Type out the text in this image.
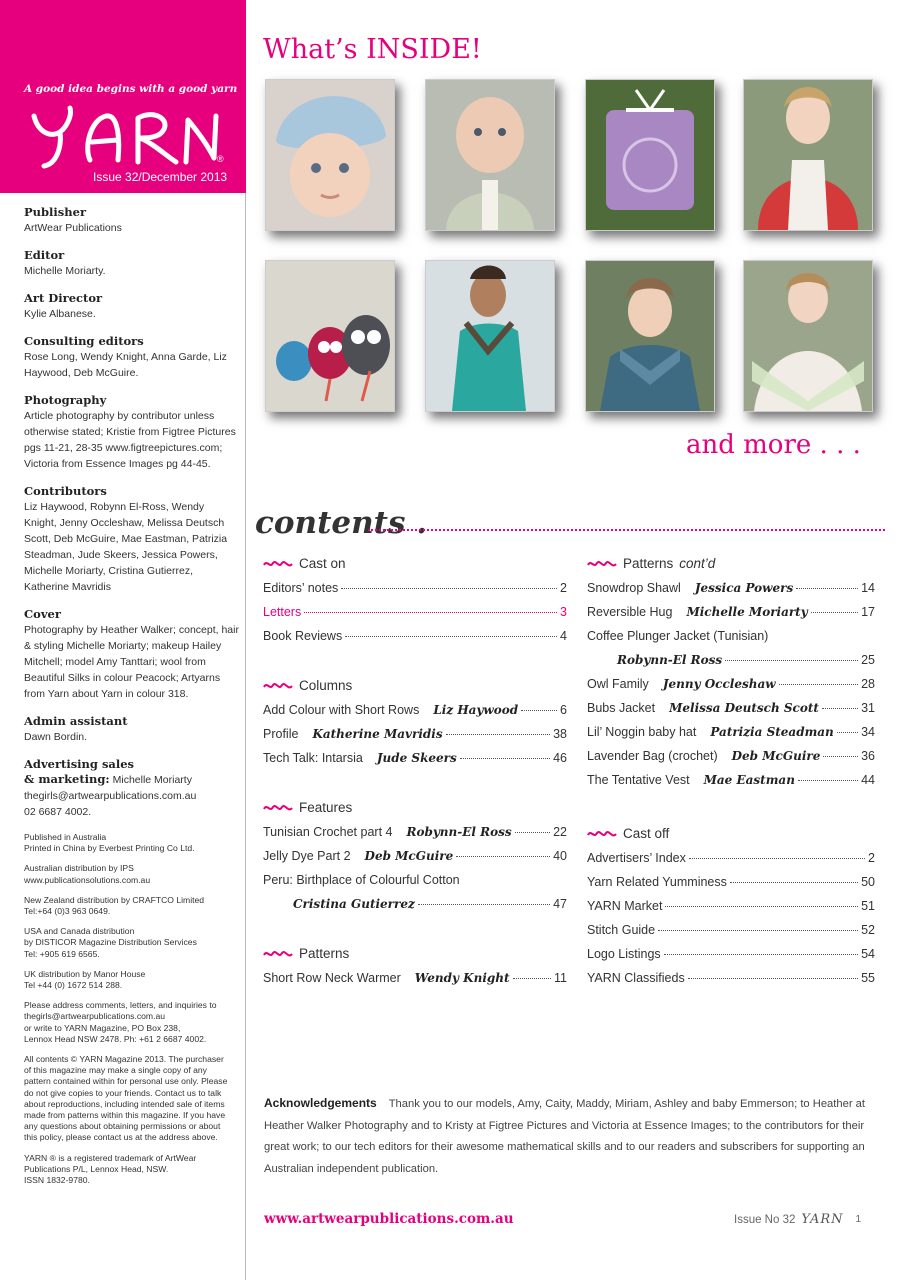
A good idea begins with a good yarn
®
Issue 32/December 2013
Publisher

ArtWear Publications

Editor

Michelle Moriarty.

Art Director

Kylie Albanese.

Consulting editors

Rose Long, Wendy Knight, Anna Garde, Liz Haywood, Deb McGuire.

Photography

Article photography by contributor unless otherwise stated; Kristie from Figtree Pictures pgs 11-21, 28-35 www.figtreepictures.com; Victoria from Essence Images pg 44-45.

Contributors

Liz Haywood, Robynn El-Ross, Wendy Knight, Jenny Occleshaw, Melissa Deutsch Scott, Deb McGuire, Mae Eastman, Patrizia Steadman, Jude Skeers, Jessica Powers, Michelle Moriarty, Cristina Gutierrez, Katherine Mavridis

Cover

Photography by Heather Walker; concept, hair & styling Michelle Moriarty; makeup Hailey Mitchell; model Amy Tanttari; wool from Beautiful Silks in colour Peacock; Artyarns from Yarn about Yarn in colour 318.

Admin assistant

Dawn Bordin.

Advertising sales

& marketing: Michelle Moriarty

thegirls@artwearpublications.com.au

02 6687 4002.

Published in Australia
Printed in China by Everbest Printing Co Ltd.
Australian distribution by IPS
www.publicationsolutions.com.au
New Zealand distribution by CRAFTCO Limited
Tel:+64 (0)3 963 0649.
USA and Canada distribution
by DISTICOR Magazine Distribution Services
Tel: +905 619 6565.
UK distribution by Manor House
Tel +44 (0) 1672 514 288.
Please address comments, letters, and inquiries to
thegirls@artwearpublications.com.au
or write to YARN Magazine, PO Box 238,
Lennox Head NSW 2478. Ph: +61 2 6687 4002.
All contents © YARN Magazine 2013. The purchaser
of this magazine may make a single copy of any
pattern contained within for personal use only. Please
do not give copies to your friends. Contact us to talk
about reproductions, including intended sale of items
made from patterns within this magazine. If you have
any questions about obtaining permissions or about
this policy, please contact us at the address above.
YARN ® is a registered trademark of ArtWear
Publications P/L, Lennox Head, NSW.
ISSN 1832-9780.
What’s INSIDE!
and more . . .
contents .
Cast on
Editors’ notes	2
Letters	3
Book Reviews	4
Columns
Add Colour with Short Rows Liz Haywood	6
Profile Katherine Mavridis	38
Tech Talk: Intarsia Jude Skeers	46
Features
Tunisian Crochet part 4 Robynn-El Ross	22
Jelly Dye Part 2 Deb McGuire	40
Peru: Birthplace of Colourful Cotton
Cristina Gutierrez	47
Patterns
Short Row Neck Warmer Wendy Knight	11
Patterns cont’d
Snowdrop Shawl Jessica Powers	14
Reversible Hug Michelle Moriarty	17
Coffee Plunger Jacket (Tunisian)
Robynn-El Ross	25
Owl Family Jenny Occleshaw	28
Bubs Jacket Melissa Deutsch Scott	31
Lil’ Noggin baby hat Patrizia Steadman 34
Lavender Bag (crochet) Deb McGuire	36
The Tentative Vest Mae Eastman	44
Cast off
Advertisers’ Index	2
Yarn Related Yumminess	50
YARN Market	51
Stitch Guide	52
Logo Listings	54
YARN Classifieds	55
Acknowledgements Thank you to our models, Amy, Caity, Maddy, Miriam, Ashley and baby Emmerson; to Heather at Heather Walker Photography and to Kristy at Figtree Pictures and Victoria at Essence Images; to the contributors for their great work; to our tech editors for their awesome mathematical skills and to our readers and subscribers for supporting an Australian independent publication.
www.artwearpublications.com.au	Issue No 32 YARN 1
